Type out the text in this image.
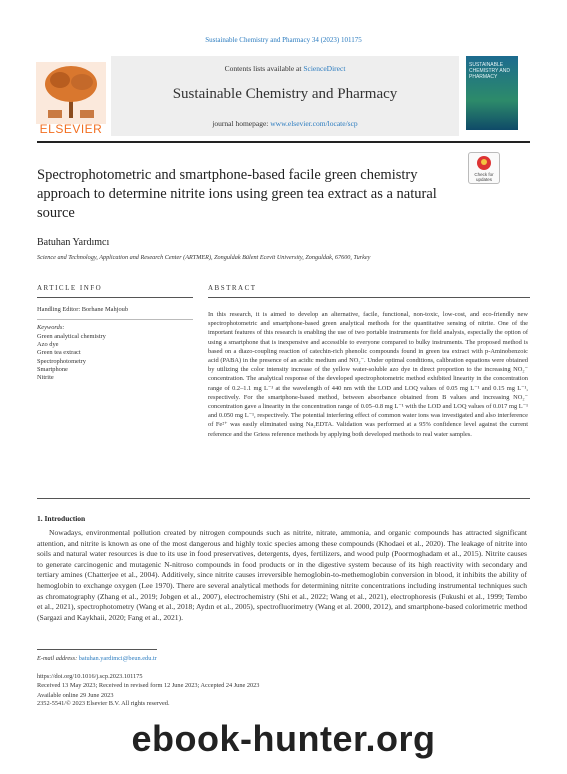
Sustainable Chemistry and Pharmacy 34 (2023) 101175
ELSEVIER
Contents lists available at ScienceDirect
Sustainable Chemistry and Pharmacy
journal homepage: www.elsevier.com/locate/scp
SUSTAINABLE CHEMISTRY AND PHARMACY
Spectrophotometric and smartphone-based facile green chemistry approach to determine nitrite ions using green tea extract as a natural source
Check for updates
Batuhan Yardımcı
Science and Technology, Application and Research Center (ARTMER), Zonguldak Bülent Ecevit University, Zonguldak, 67600, Turkey
ARTICLE INFO	ABSTRACT
Handling Editor: Borhane Mahjoub
Keywords:
Green analytical chemistry
Azo dye
Green tea extract
Spectrophotometry
Smartphone
Nitrite
In this research, it is aimed to develop an alternative, facile, functional, non-toxic, low-cost, and eco-friendly new spectrophotometric and smartphone-based green analytical methods for the quantitative sensing of nitrite. One of the important features of this research is enabling the use of two portable instruments for field analysis, especially the option of using a smartphone that is inexpensive and accessible to everyone compared to bulky instruments. The proposed method is based on a diazo-coupling reaction of catechin-rich phenolic compounds found in green tea extract with p-Aminobenzoic acid (PABA) in the presence of an acidic medium and NO₂⁻. Under optimal conditions, calibration equations were obtained by utilizing the color intensity increase of the yellow water-soluble azo dye in direct proportion to the increasing NO₂⁻ concentration. The analytical response of the developed spectrophotometric method exhibited linearity in the concentration range of 0.2–1.1 mg L⁻¹ at the wavelength of 440 nm with the LOD and LOQ values of 0.05 mg L⁻¹ and 0.15 mg L⁻¹, respectively. For the smartphone-based method, between absorbance obtained from B values and increasing NO₂⁻ concentration gave a linearity in the concentration range of 0.05–0.8 mg L⁻¹ with the LOD and LOQ values of 0.017 mg L⁻¹ and 0.050 mg L⁻¹, respectively. The potential interfering effect of common water ions was investigated and also interference of Fe²⁺ was easily eliminated using Na₂EDTA. Validation was performed at a 95% confidence level against the current reference and the Griess reference methods by applying both developed methods to real water samples.
1. Introduction
Nowadays, environmental pollution created by nitrogen compounds such as nitrite, nitrate, ammonia, and organic compounds has attracted significant attention, and nitrite is known as one of the most dangerous and highly toxic species among these compounds (Khodaei et al., 2020). The leakage of nitrite into soils and natural water resources is due to its use in food preservatives, detergents, dyes, fertilizers, and wood pulp (Poormoghadam et al., 2015). Nitrite causes to generate carcinogenic and mutagenic N-nitroso compounds in food products or in the digestive system because of its high reactivity with secondary and tertiary amines (Chatterjee et al., 2004). Additively, since nitrite causes irreversible hemoglobin-to-methemoglobin conversion in blood, it inhibits the ability of hemoglobin to exchange oxygen (Lee 1970). There are several analytical methods for determining nitrite concentrations including instrumental techniques such as chromatography (Zhang et al., 2019; Jobgen et al., 2007), electrochemistry (Shi et al., 2022; Wang et al., 2021), electrophoresis (Fukushi et al., 1999; Tembo et al., 2021), spectrophotometry (Wang et al., 2018; Aydın et al., 2005), spectrofluorimetry (Wang et al. 2000, 2012), and smartphone-based colorimetric method (Sargazi and Kaykhaii, 2020; Fang et al., 2021).
E-mail address: batuhan.yardimci@beun.edu.tr
https://doi.org/10.1016/j.scp.2023.101175
Received 13 May 2023; Received in revised form 12 June 2023; Accepted 24 June 2023
Available online 29 June 2023
2352-5541/© 2023 Elsevier B.V. All rights reserved.
ebook-hunter.org
